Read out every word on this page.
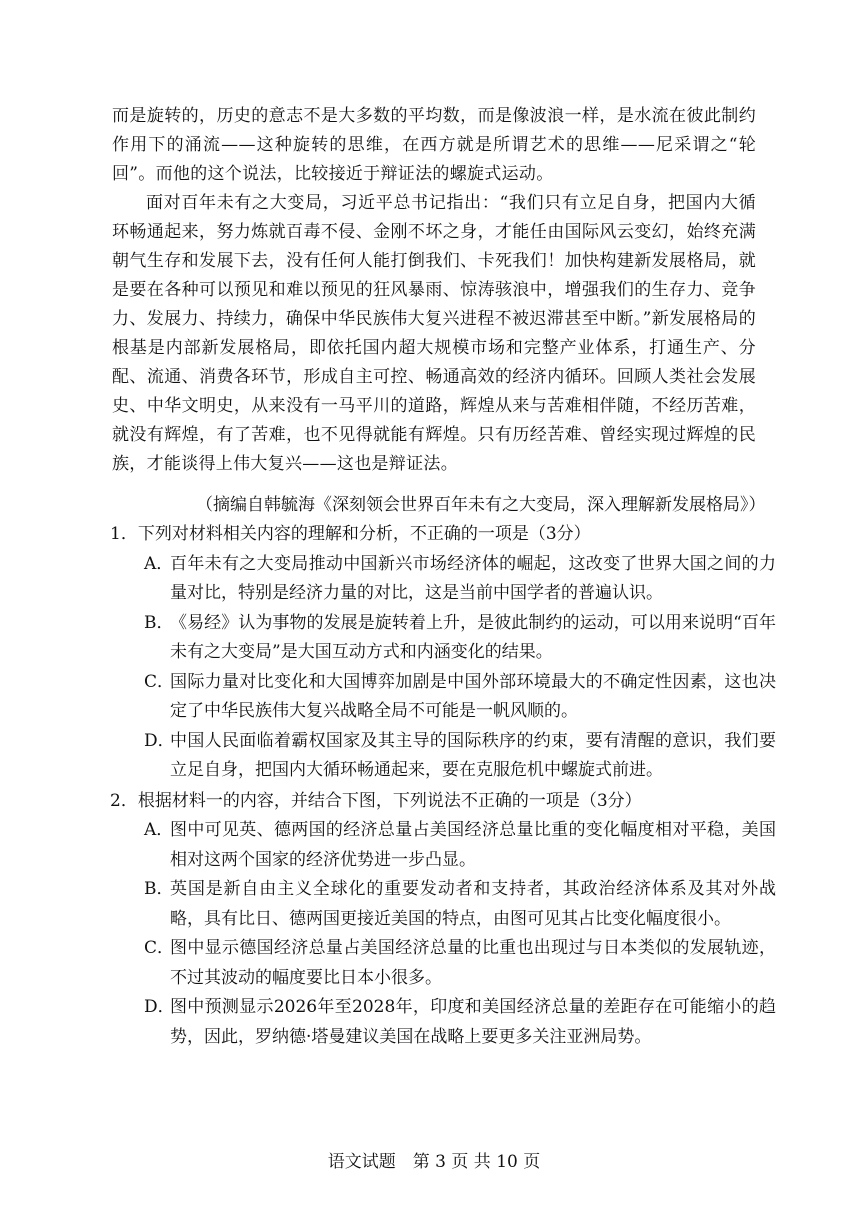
而是旋转的，历史的意志不是大多数的平均数，而是像波浪一样，是水流在彼此制约作用下的涌流——这种旋转的思维，在西方就是所谓艺术的思维——尼采谓之“轮回”。而他的这个说法，比较接近于辩证法的螺旋式运动。

面对百年未有之大变局，习近平总书记指出：“我们只有立足自身，把国内大循环畅通起来，努力炼就百毒不侵、金刚不坏之身，才能任由国际风云变幻，始终充满朝气生存和发展下去，没有任何人能打倒我们、卡死我们！加快构建新发展格局，就是要在各种可以预见和难以预见的狂风暴雨、惊涛骇浪中，增强我们的生存力、竞争力、发展力、持续力，确保中华民族伟大复兴进程不被迟滞甚至中断。”新发展格局的根基是内部新发展格局，即依托国内超大规模市场和完整产业体系，打通生产、分配、流通、消费各环节，形成自主可控、畅通高效的经济内循环。回顾人类社会发展史、中华文明史，从来没有一马平川的道路，辉煌从来与苦难相伴随，不经历苦难，就没有辉煌，有了苦难，也不见得就能有辉煌。只有历经苦难、曾经实现过辉煌的民族，才能谈得上伟大复兴——这也是辩证法。

（摘编自韩毓海《深刻领会世界百年未有之大变局，深入理解新发展格局》）
1．下列对材料相关内容的理解和分析，不正确的一项是（3分）
A．
百年未有之大变局推动中国新兴市场经济体的崛起，这改变了世界大国之间的力量对比，特别是经济力量的对比，这是当前中国学者的普遍认识。
B．
《易经》认为事物的发展是旋转着上升，是彼此制约的运动，可以用来说明“百年未有之大变局”是大国互动方式和内涵变化的结果。
C．
国际力量对比变化和大国博弈加剧是中国外部环境最大的不确定性因素，这也决定了中华民族伟大复兴战略全局不可能是一帆风顺的。
D．
中国人民面临着霸权国家及其主导的国际秩序的约束，要有清醒的意识，我们要立足自身，把国内大循环畅通起来，要在克服危机中螺旋式前进。
2．根据材料一的内容，并结合下图，下列说法不正确的一项是（3分）
A．
图中可见英、德两国的经济总量占美国经济总量比重的变化幅度相对平稳，美国相对这两个国家的经济优势进一步凸显。
B．
英国是新自由主义全球化的重要发动者和支持者，其政治经济体系及其对外战略，具有比日、德两国更接近美国的特点，由图可见其占比变化幅度很小。
C．
图中显示德国经济总量占美国经济总量的比重也出现过与日本类似的发展轨迹，不过其波动的幅度要比日本小很多。
D．
图中预测显示2026年至2028年，印度和美国经济总量的差距存在可能缩小的趋势，因此，罗纳德·塔曼建议美国在战略上要更多关注亚洲局势。
语文试题　第 3 页 共 10 页
